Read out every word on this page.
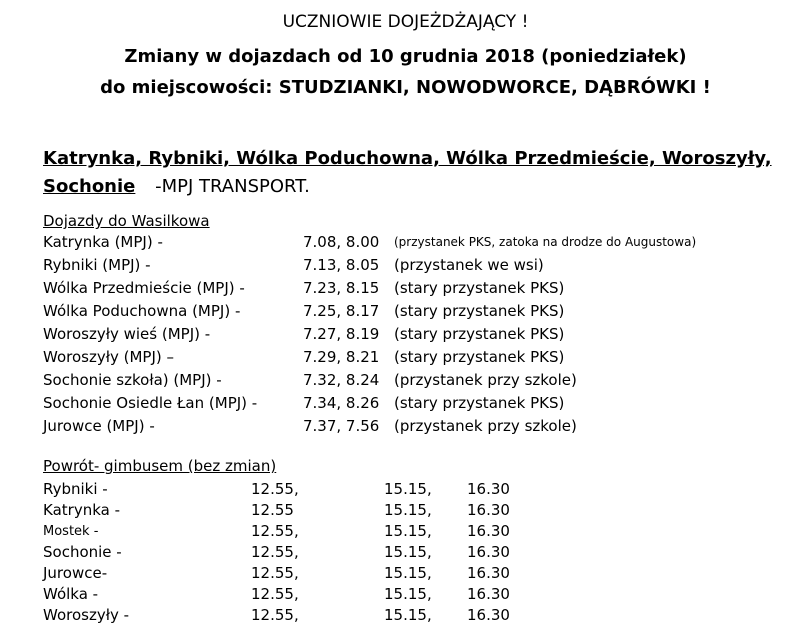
UCZNIOWIE DOJEŻDŻAJĄCY !
Zmiany w dojazdach od 10 grudnia 2018 (poniedziałek)
do miejscowości: STUDZIANKI, NOWODWORCE, DĄBRÓWKI !
Katrynka, Rybniki, Wólka Poduchowna, Wólka Przedmieście, Woroszyły,
Sochonie -MPJ TRANSPORT.
Dojazdy do Wasilkowa
Katrynka (MPJ) -	7.08, 8.00 (przystanek PKS, zatoka na drodze do Augustowa)
Rybniki (MPJ) -	7.13, 8.05 (przystanek we wsi)
Wólka Przedmieście (MPJ) -	7.23, 8.15 (stary przystanek PKS)
Wólka Poduchowna (MPJ) -	7.25, 8.17 (stary przystanek PKS)
Woroszyły wieś (MPJ) -	7.27, 8.19 (stary przystanek PKS)
Woroszyły (MPJ) –	7.29, 8.21 (stary przystanek PKS)
Sochonie szkoła) (MPJ) -	7.32, 8.24 (przystanek przy szkole)
Sochonie Osiedle Łan (MPJ) -	7.34, 8.26 (stary przystanek PKS)
Jurowce (MPJ) -	7.37, 7.56 (przystanek przy szkole)
Powrót- gimbusem (bez zmian)
Rybniki -	12.55,	15.15, 16.30
Katrynka -	12.55	15.15, 16.30
Mostek -	12.55,	15.15, 16.30
Sochonie -	12.55,	15.15, 16.30
Jurowce-	12.55,	15.15, 16.30
Wólka -	12.55,	15.15, 16.30
Woroszyły -	12.55,	15.15, 16.30
